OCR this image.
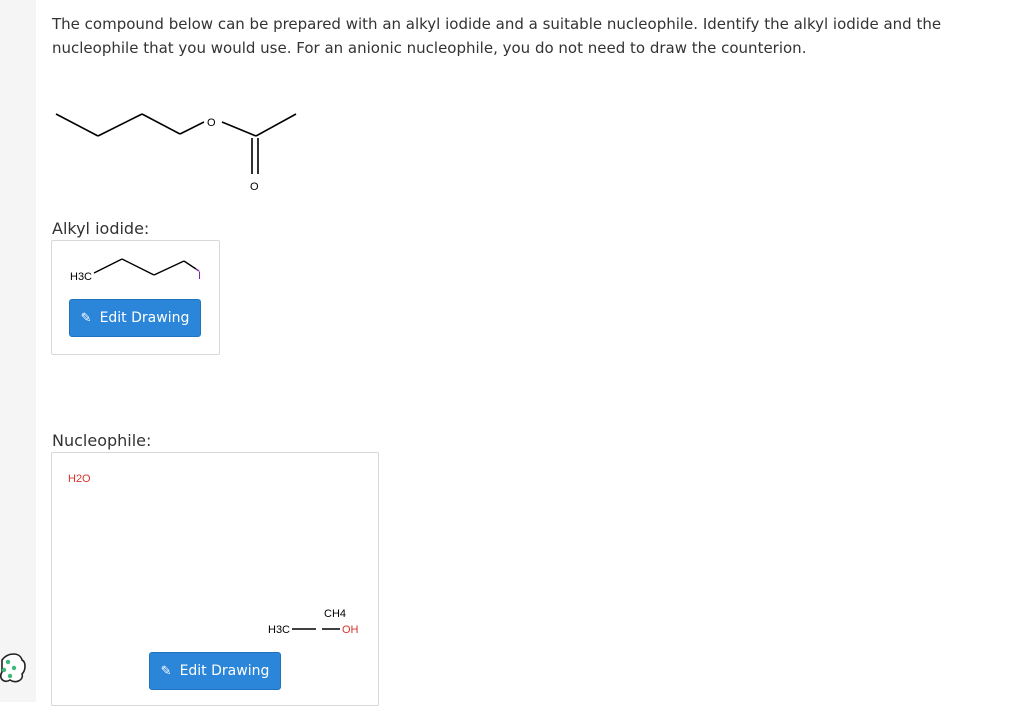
The compound below can be prepared with an alkyl iodide and a suitable nucleophile. Identify the alkyl iodide and the nucleophile that you would use. For an anionic nucleophile, you do not need to draw the counterion.
O
O
Alkyl iodide:
H3C	I
✎ Edit Drawing
Nucleophile:
H2O
CH4
H3C	OH
✎ Edit Drawing
